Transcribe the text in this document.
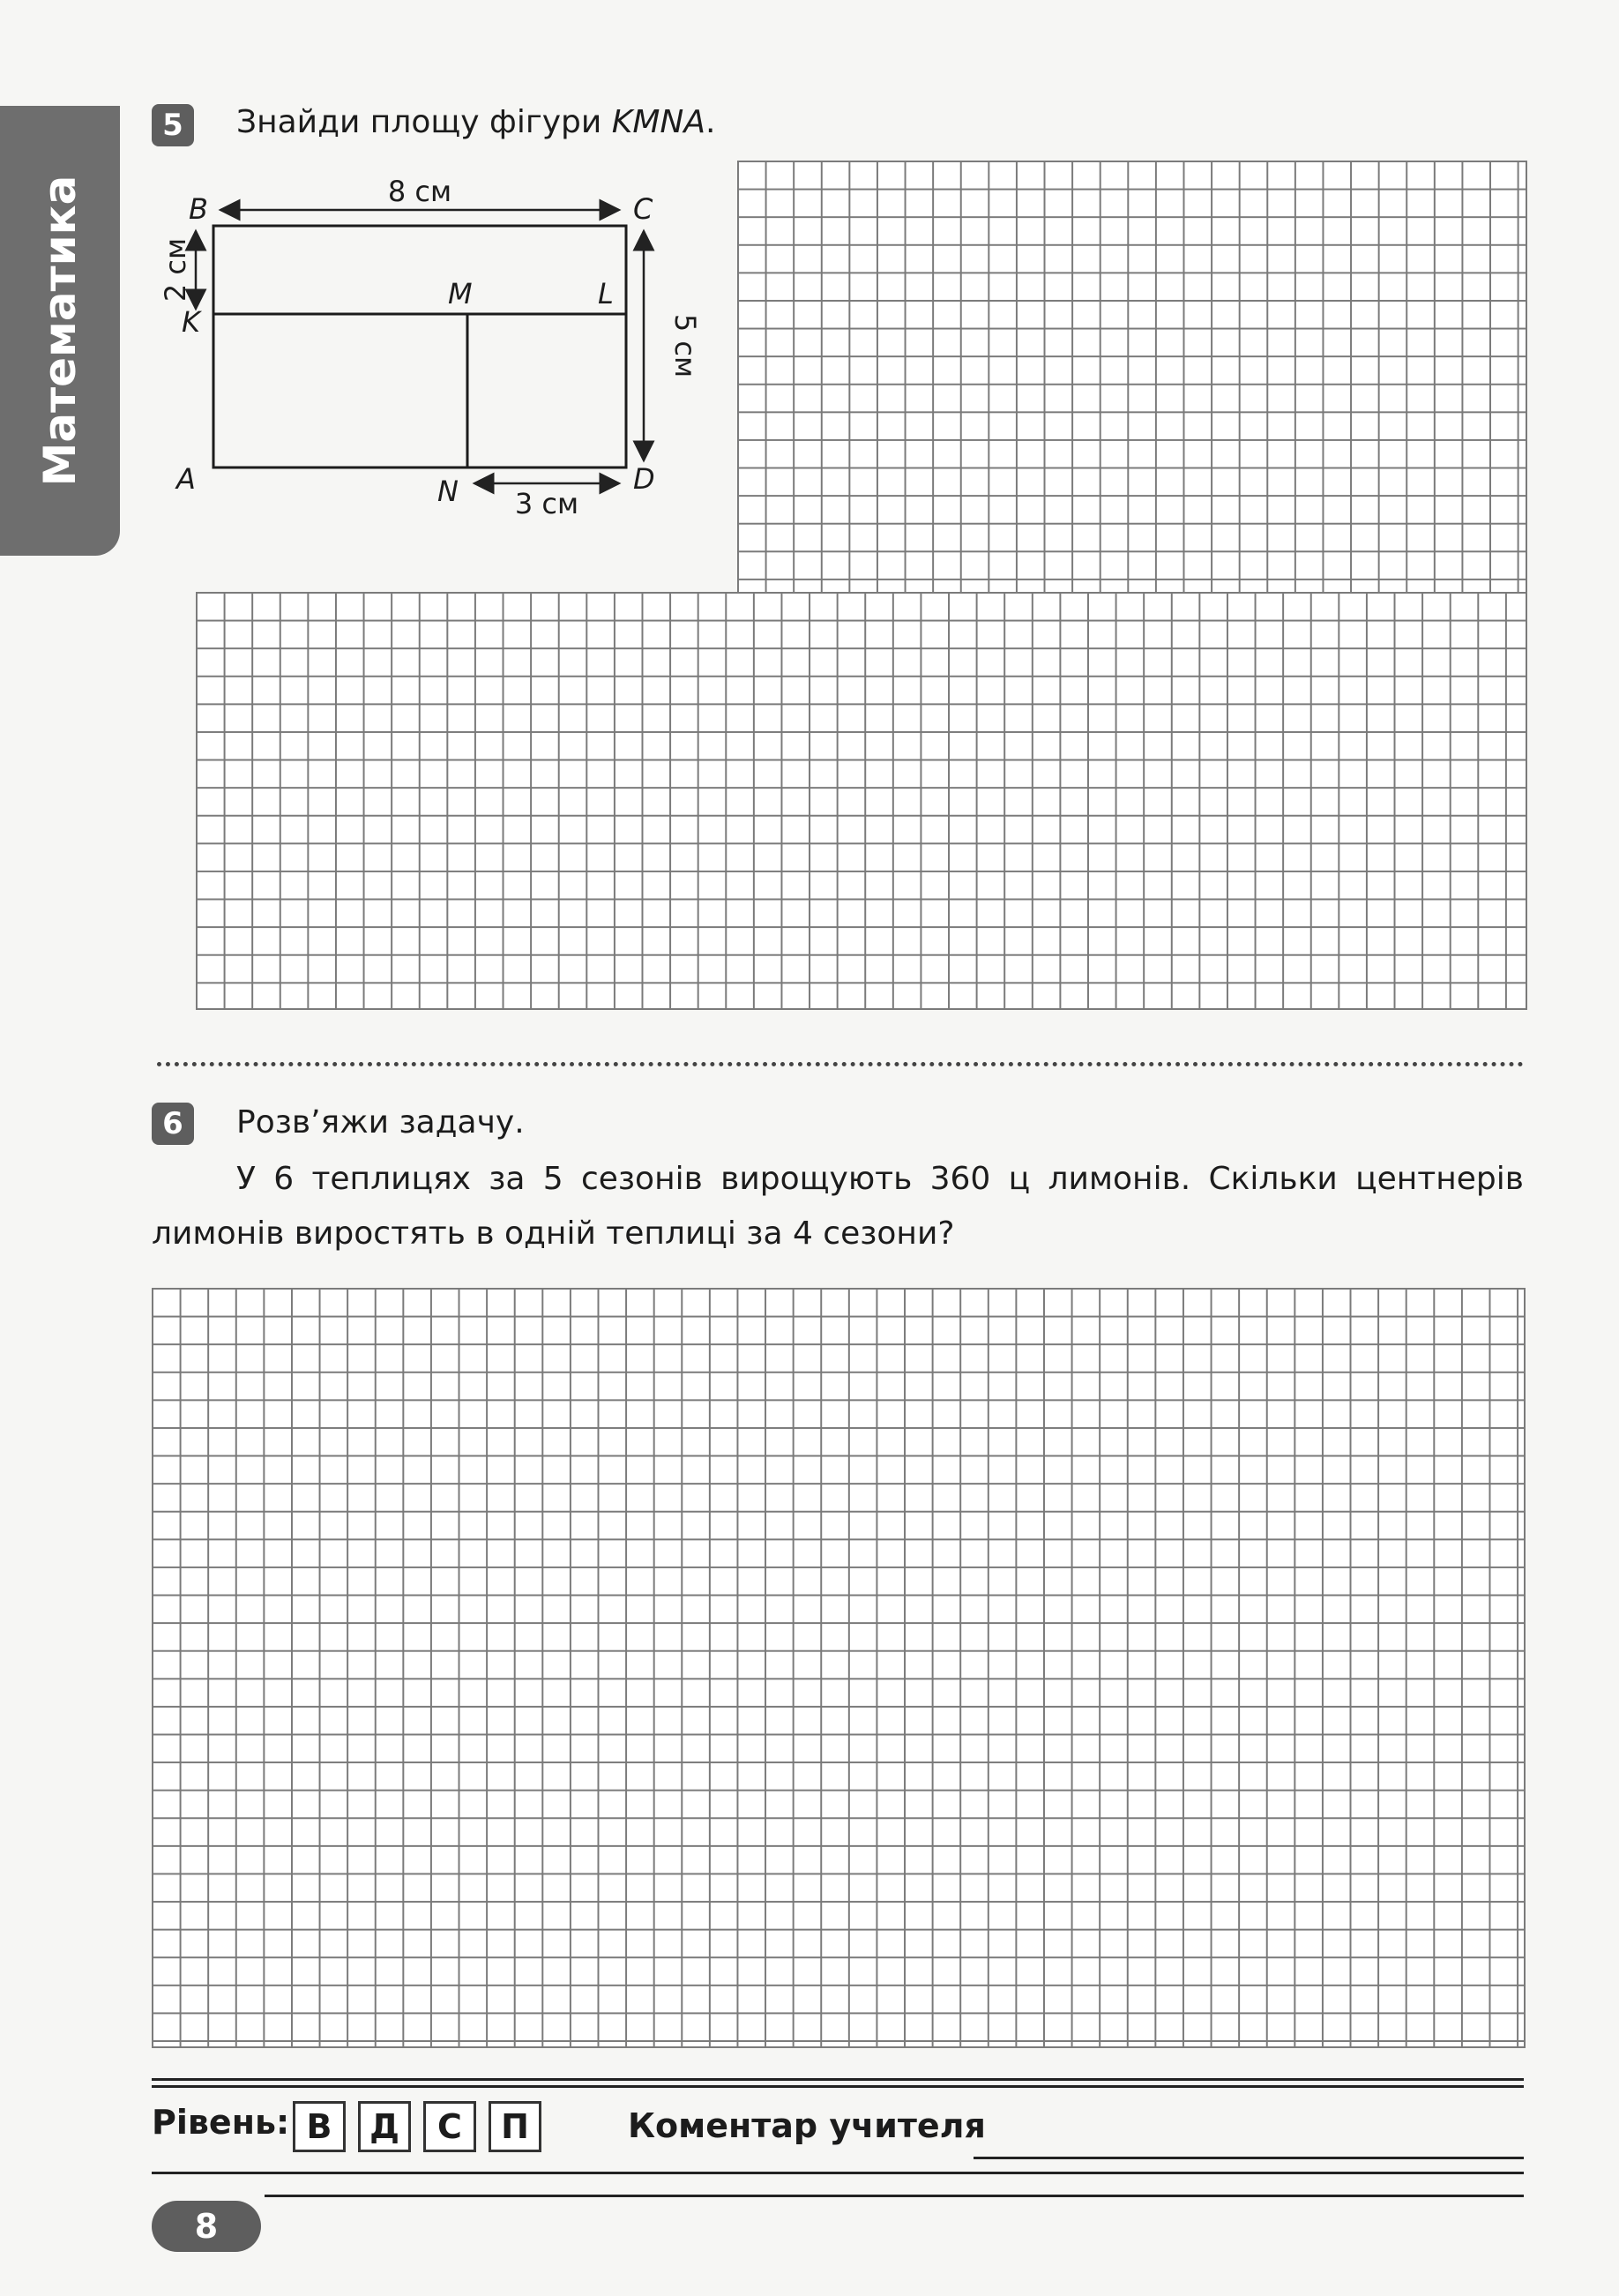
Математика
5	Знайди площу фігури KMNA.
B	C
K
M	L
A	N	D
8 см
2 см
5 см
3 см
6	Розв’яжи задачу.
У 6 теплицях за 5 сезонів вирощують 360 ц лимонів. Скільки центнерів лимонів виростять в одній теплиці за 4 сезони?
Рівень: В	Д	С	П	Коментар учителя
8
